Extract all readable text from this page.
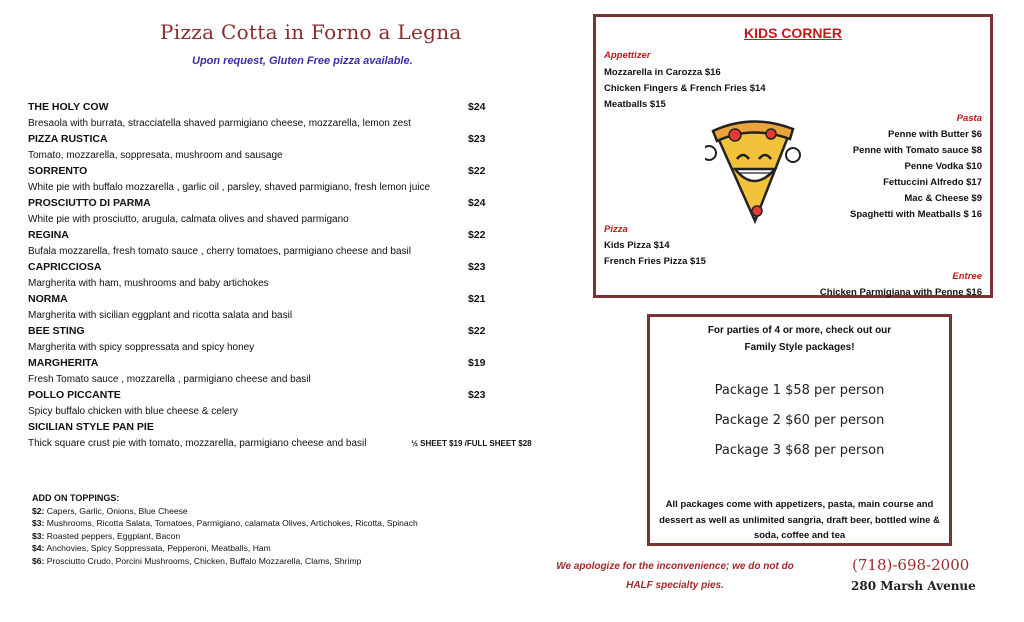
Pizza Cotta in Forno a Legna
Upon request, Gluten Free pizza available.
THE HOLY COW	$24
Bresaola with burrata, stracciatella shaved parmigiano cheese, mozzarella, lemon zest
PIZZA RUSTICA	$23
Tomato, mozzarella, soppresata, mushroom and sausage
SORRENTO	$22
White pie with buffalo mozzarella , garlic oil , parsley, shaved parmigiano, fresh lemon juice
PROSCIUTTO DI PARMA	$24
White pie with prosciutto, arugula, calmata olives and shaved parmigano
REGINA	$22
Bufala mozzarella, fresh tomato sauce , cherry tomatoes, parmigiano cheese and basil
CAPRICCIOSA	$23
Margherita with ham, mushrooms and baby artichokes
NORMA	$21
Margherita with sicilian eggplant and ricotta salata and basil
BEE STING	$22
Margherita with spicy soppressata and spicy honey
MARGHERITA	$19
Fresh Tomato sauce , mozzarella , parmigiano cheese and basil
POLLO PICCANTE	$23
Spicy buffalo chicken with blue cheese & celery
SICILIAN STYLE PAN PIE
Thick square crust pie with tomato, mozzarella, parmigiano cheese and basil	½ SHEET $19 /FULL SHEET $28
ADD ON TOPPINGS:
$2: Capers, Garlic, Onions, Blue Cheese
$3: Mushrooms, Ricotta Salata, Tomatoes, Parmigiano, calamata Olives, Artichokes, Ricotta, Spinach
$3: Roasted peppers, Eggplant, Bacon
$4: Anchovies, Spicy Soppressata, Pepperoni, Meatballs, Ham
$6: Prosciutto Crudo, Porcini Mushrooms, Chicken, Buffalo Mozzarella, Clams, Shrimp
KIDS CORNER
Appettizer
Mozzarella in Carozza $16
Chicken Fingers & French Fries $14
Meatballs $15
Pasta
Penne with Butter $6
Penne with Tomato sauce $8
Penne Vodka $10
Fettuccini Alfredo $17
Mac & Cheese $9
Spaghetti with Meatballs $ 16
Pizza
Kids Pizza $14
French Fries Pizza $15
Entree
Chicken Parmigiana with Penne $16
For parties of 4 or more, check out our
Family Style packages!
Package 1 $58 per person
Package 2 $60 per person
Package 3 $68 per person
All packages come with appetizers, pasta, main course and dessert as well as unlimited sangria, draft beer, bottled wine & soda, coffee and tea
We apologize for the inconvenience; we do not do
HALF specialty pies.
(718)-698-2000
280 Marsh Avenue
